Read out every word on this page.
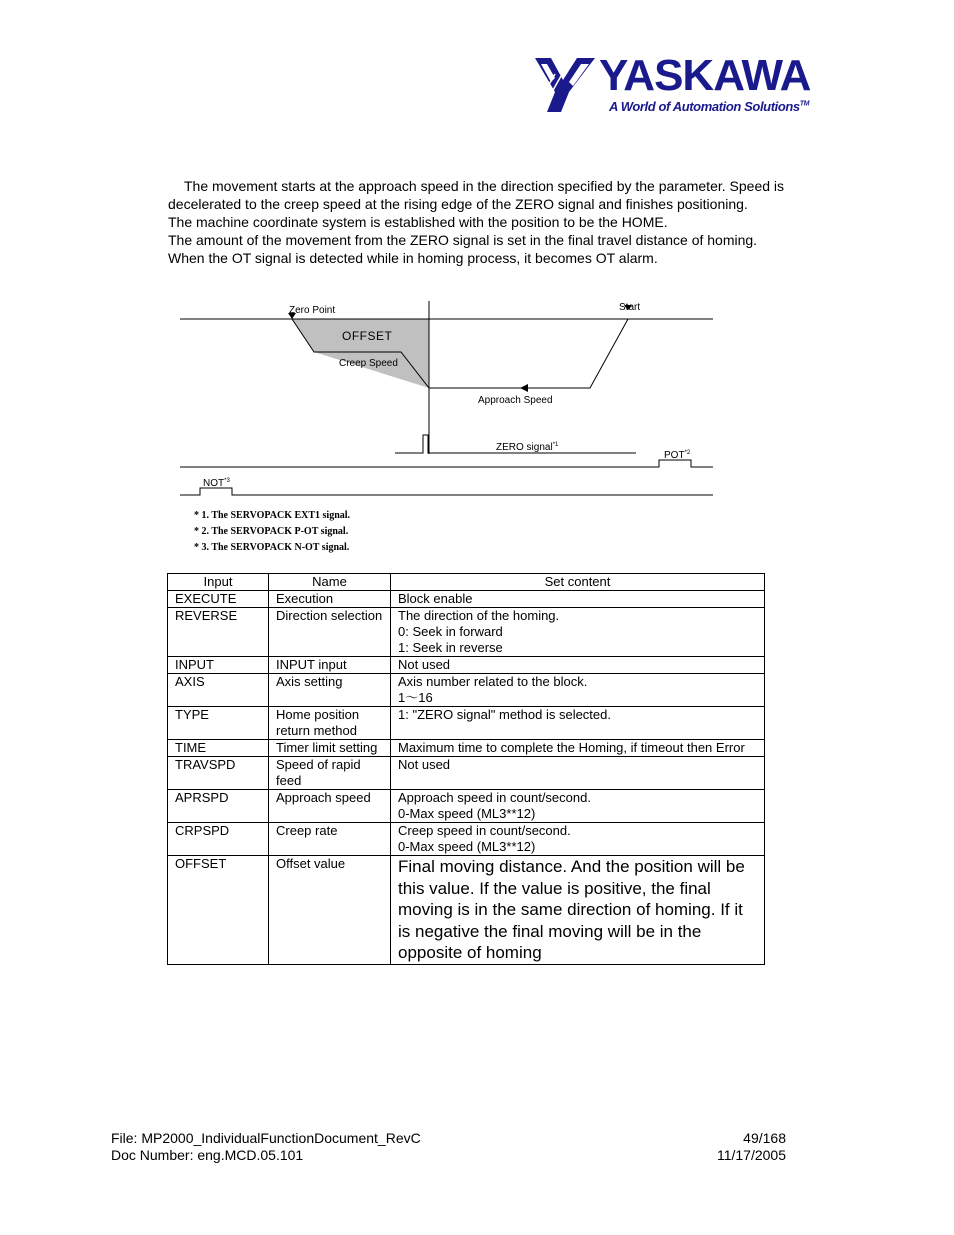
YASKAWA
A World of Automation Solutions™

The movement starts at the approach speed in the direction specified by the parameter. Speed is decelerated to the creep speed at the rising edge of the ZERO signal and finishes positioning.

The machine coordinate system is established with the position to be the HOME.

The amount of the movement from the ZERO signal is set in the final travel distance of homing.

When the OT signal is detected while in homing process, it becomes OT alarm.

Zero Point	Start
OFFSET
Creep Speed
Approach Speed
ZERO signal$^{*1}$
POT$^{*2}$
NOT$^{*3}$
* 1. The SERVOPACK EXT1 signal.
* 2. The SERVOPACK P-OT signal.
* 3. The SERVOPACK N-OT signal.
Input	Name	Set content
EXECUTE	Execution	Block enable

REVERSE	Direction selection	The direction of the homing.
0: Seek in forward
1: Seek in reverse

INPUT	INPUT input	Not used

AXIS	Axis setting	Axis number related to the block.
1～16

TYPE	Home position return method	1: "ZERO signal" method is selected.

TIME	Timer limit setting	Maximum time to complete the Homing, if timeout then Error

TRAVSPD	Speed of rapid feed	Not used

APRSPD	Approach speed	Approach speed in count/second.
0-Max speed (ML3**12)

CRPSPD	Creep rate	Creep speed in count/second.
0-Max speed (ML3**12)

OFFSET	Offset value	Final moving distance. And the position will be this value. If the value is positive, the final moving is in the same direction of homing. If it is negative the final moving will be in the opposite of homing
File: MP2000_IndividualFunctionDocument_RevC	49/168
Doc Number: eng.MCD.05.101	11/17/2005
